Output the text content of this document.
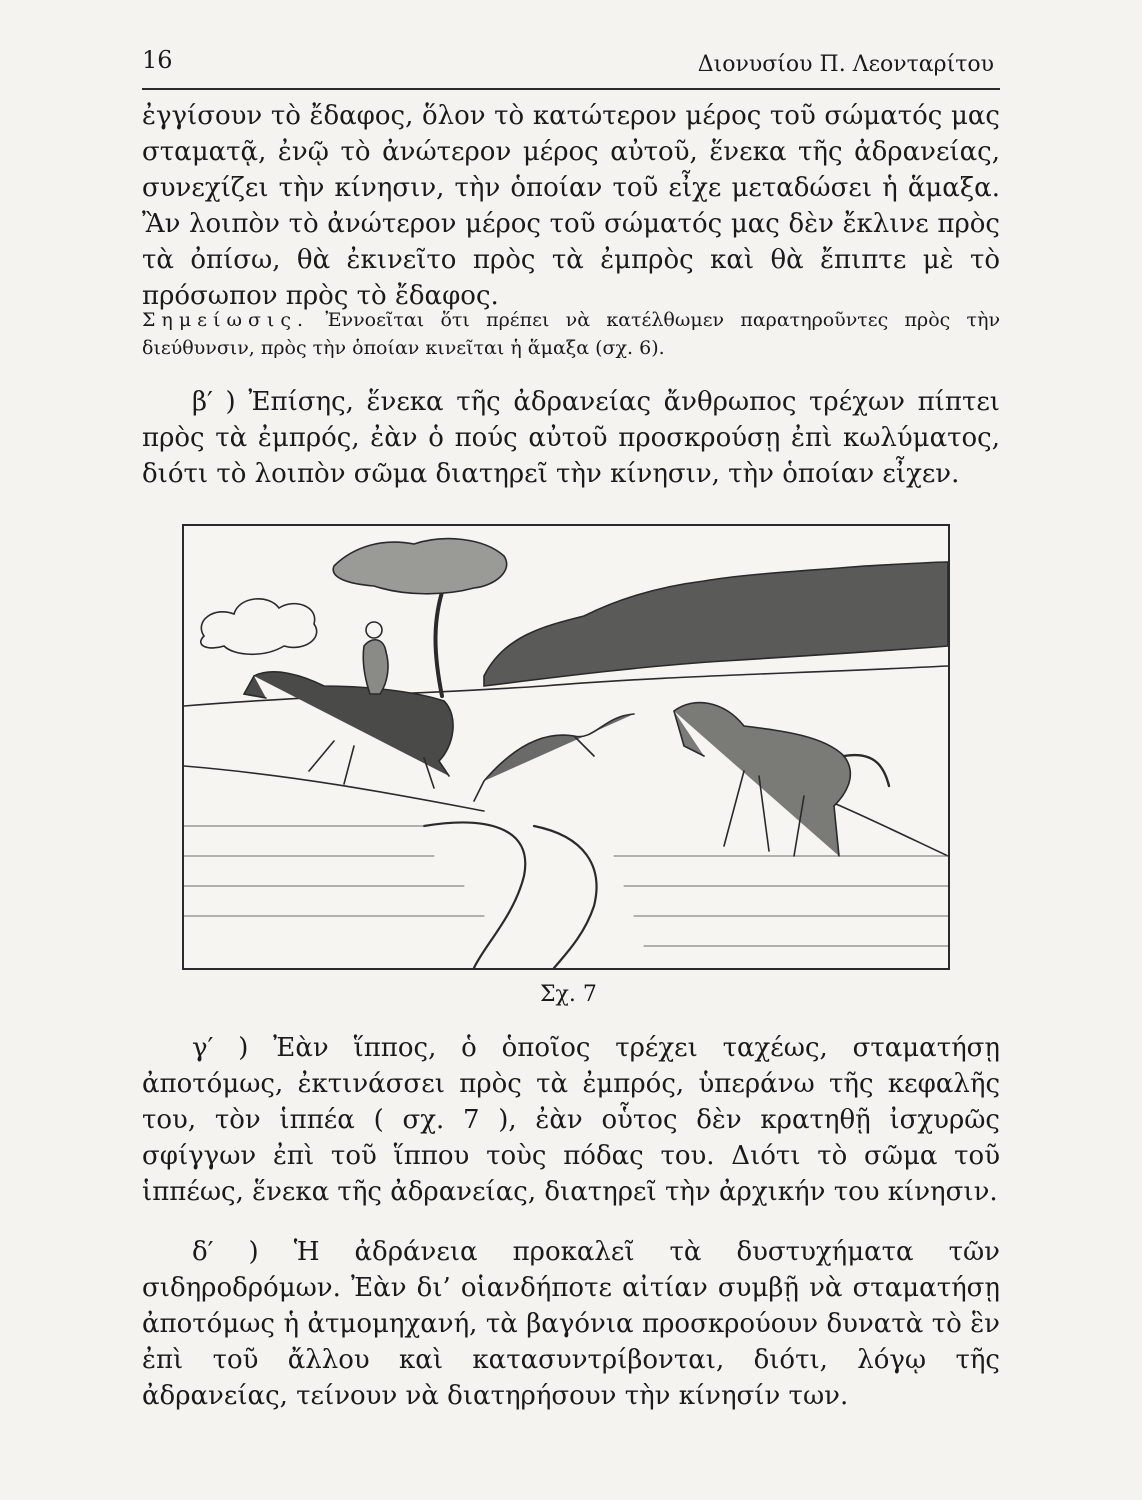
16	Διονυσίου Π. Λεονταρίτου

ἐγγίσουν τὸ ἔδαφος, ὅλον τὸ κατώτερον μέρος τοῦ σώματός μας σταματᾷ, ἐνῷ τὸ ἀνώτερον μέρος αὐτοῦ, ἕνεκα τῆς ἀδρανείας, συνεχίζει τὴν κίνησιν, τὴν ὁποίαν τοῦ εἶχε μεταδώσει ἡ ἅμαξα. Ἂν λοιπὸν τὸ ἀνώτερον μέρος τοῦ σώματός μας δὲν ἔκλινε πρὸς τὰ ὀπίσω, θὰ ἐκινεῖτο πρὸς τὰ ἐμπρὸς καὶ θὰ ἔπιπτε μὲ τὸ πρόσωπον πρὸς τὸ ἔδαφος.

Σημείωσις. Ἐννοεῖται ὅτι πρέπει νὰ κατέλθωμεν παρατηροῦντες πρὸς τὴν διεύθυνσιν, πρὸς τὴν ὁποίαν κινεῖται ἡ ἅμαξα (σχ. 6).

β′ ) Ἐπίσης, ἕνεκα τῆς ἀδρανείας ἄνθρωπος τρέχων πίπτει πρὸς τὰ ἐμπρός, ἐὰν ὁ πούς αὐτοῦ προσκρούσῃ ἐπὶ κωλύματος, διότι τὸ λοιπὸν σῶμα διατηρεῖ τὴν κίνησιν, τὴν ὁποίαν εἶχεν.

Σχ. 7

γ′ ) Ἐὰν ἵππος, ὁ ὁποῖος τρέχει ταχέως, σταματήσῃ ἀποτόμως, ἐκτινάσσει πρὸς τὰ ἐμπρός, ὑπεράνω τῆς κεφαλῆς του, τὸν ἱππέα ( σχ. 7 ), ἐὰν οὗτος δὲν κρατηθῇ ἰσχυρῶς σφίγγων ἐπὶ τοῦ ἵππου τοὺς πόδας του. Διότι τὸ σῶμα τοῦ ἱππέως, ἕνεκα τῆς ἀδρανείας, διατηρεῖ τὴν ἀρχικήν του κίνησιν.

δ′ ) Ἡ ἀδράνεια προκαλεῖ τὰ δυστυχήματα τῶν σιδηροδρόμων. Ἐὰν δι’ οἱανδήποτε αἰτίαν συμβῇ νὰ σταματήσῃ ἀποτόμως ἡ ἀτμομηχανή, τὰ βαγόνια προσκρούουν δυνατὰ τὸ ἓν ἐπὶ τοῦ ἄλλου καὶ κατασυντρίβονται, διότι, λόγῳ τῆς ἀδρανείας, τείνουν νὰ διατηρήσουν τὴν κίνησίν των.
